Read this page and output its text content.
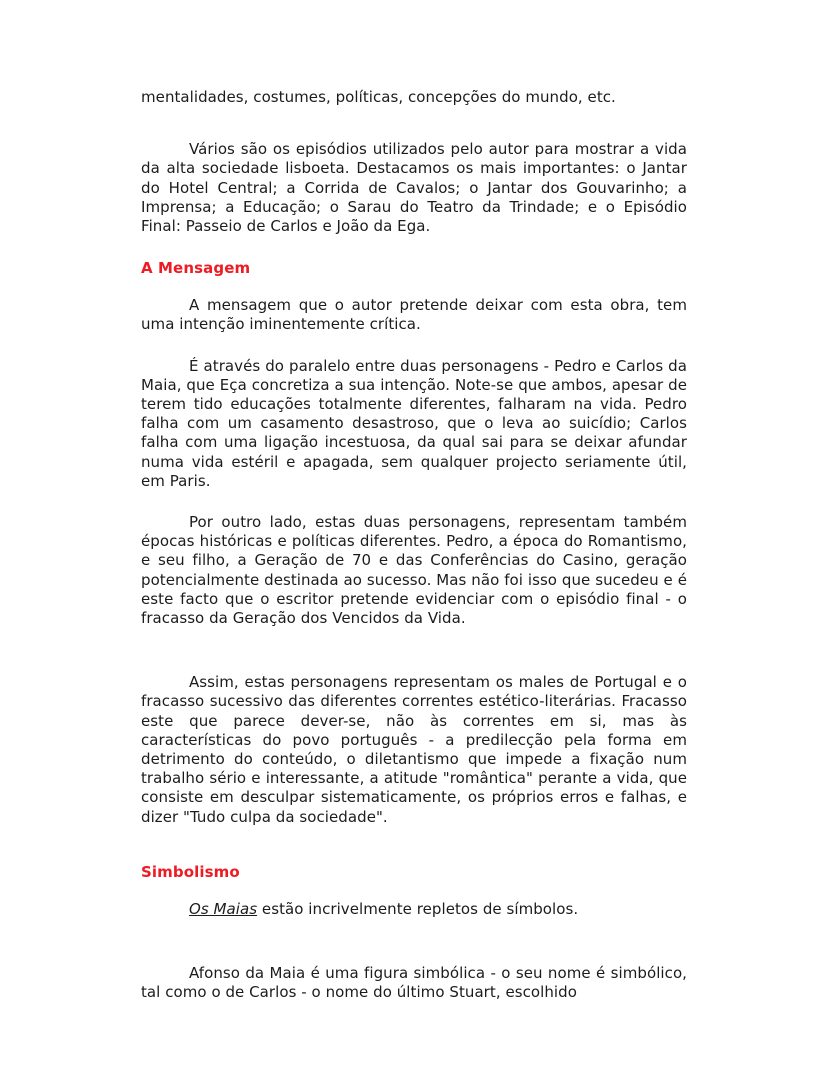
mentalidades, costumes, políticas, concepções do mundo, etc.

Vários são os episódios utilizados pelo autor para mostrar a vida da alta sociedade lisboeta. Destacamos os mais importantes: o Jantar do Hotel Central; a Corrida de Cavalos; o Jantar dos Gouvarinho; a Imprensa; a Educação; o Sarau do Teatro da Trindade; e o Episódio Final: Passeio de Carlos e João da Ega.

A Mensagem

A mensagem que o autor pretende deixar com esta obra, tem uma intenção iminentemente crítica.

É através do paralelo entre duas personagens - Pedro e Carlos da Maia, que Eça concretiza a sua intenção. Note-se que ambos, apesar de terem tido educações totalmente diferentes, falharam na vida. Pedro falha com um casamento desastroso, que o leva ao suicídio; Carlos falha com uma ligação incestuosa, da qual sai para se deixar afundar numa vida estéril e apagada, sem qualquer projecto seriamente útil, em Paris.

Por outro lado, estas duas personagens, representam também épocas históricas e políticas diferentes. Pedro, a época do Romantismo, e seu filho, a Geração de 70 e das Conferências do Casino, geração potencialmente destinada ao sucesso. Mas não foi isso que sucedeu e é este facto que o escritor pretende evidenciar com o episódio final - o fracasso da Geração dos Vencidos da Vida.

Assim, estas personagens representam os males de Portugal e o fracasso sucessivo das diferentes correntes estético-literárias. Fracasso este que parece dever-se, não às correntes em si, mas às características do povo português - a predilecção pela forma em detrimento do conteúdo, o diletantismo que impede a fixação num trabalho sério e interessante, a atitude "romântica" perante a vida, que consiste em desculpar sistematicamente, os próprios erros e falhas, e dizer "Tudo culpa da sociedade".

Simbolismo

Os Maias estão incrivelmente repletos de símbolos.

Afonso da Maia é uma figura simbólica - o seu nome é simbólico, tal como o de Carlos - o nome do último Stuart, escolhido
